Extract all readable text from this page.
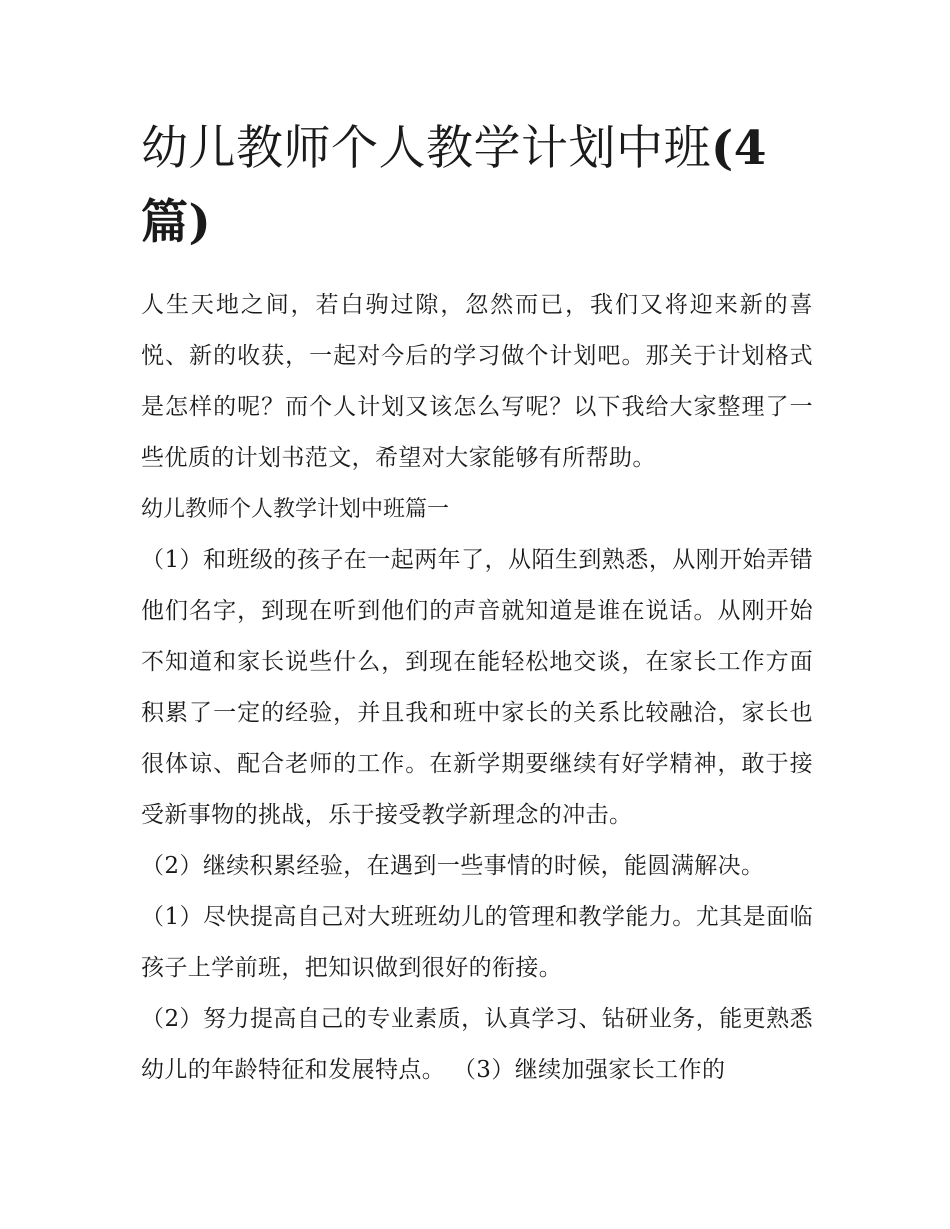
幼儿教师个人教学计划中班(4篇)

人生天地之间，若白驹过隙，忽然而已，我们又将迎来新的喜悦、新的收获，一起对今后的学习做个计划吧。那关于计划格式是怎样的呢？而个人计划又该怎么写呢？以下我给大家整理了一些优质的计划书范文，希望对大家能够有所帮助。

幼儿教师个人教学计划中班篇一

（1）和班级的孩子在一起两年了，从陌生到熟悉，从刚开始弄错他们名字，到现在听到他们的声音就知道是谁在说话。从刚开始不知道和家长说些什么，到现在能轻松地交谈，在家长工作方面积累了一定的经验，并且我和班中家长的关系比较融洽，家长也很体谅、配合老师的工作。在新学期要继续有好学精神，敢于接受新事物的挑战，乐于接受教学新理念的冲击。

（2）继续积累经验，在遇到一些事情的时候，能圆满解决。

（1）尽快提高自己对大班班幼儿的管理和教学能力。尤其是面临孩子上学前班，把知识做到很好的衔接。

（2）努力提高自己的专业素质，认真学习、钻研业务，能更熟悉幼儿的年龄特征和发展特点。 （3）继续加强家长工作的
